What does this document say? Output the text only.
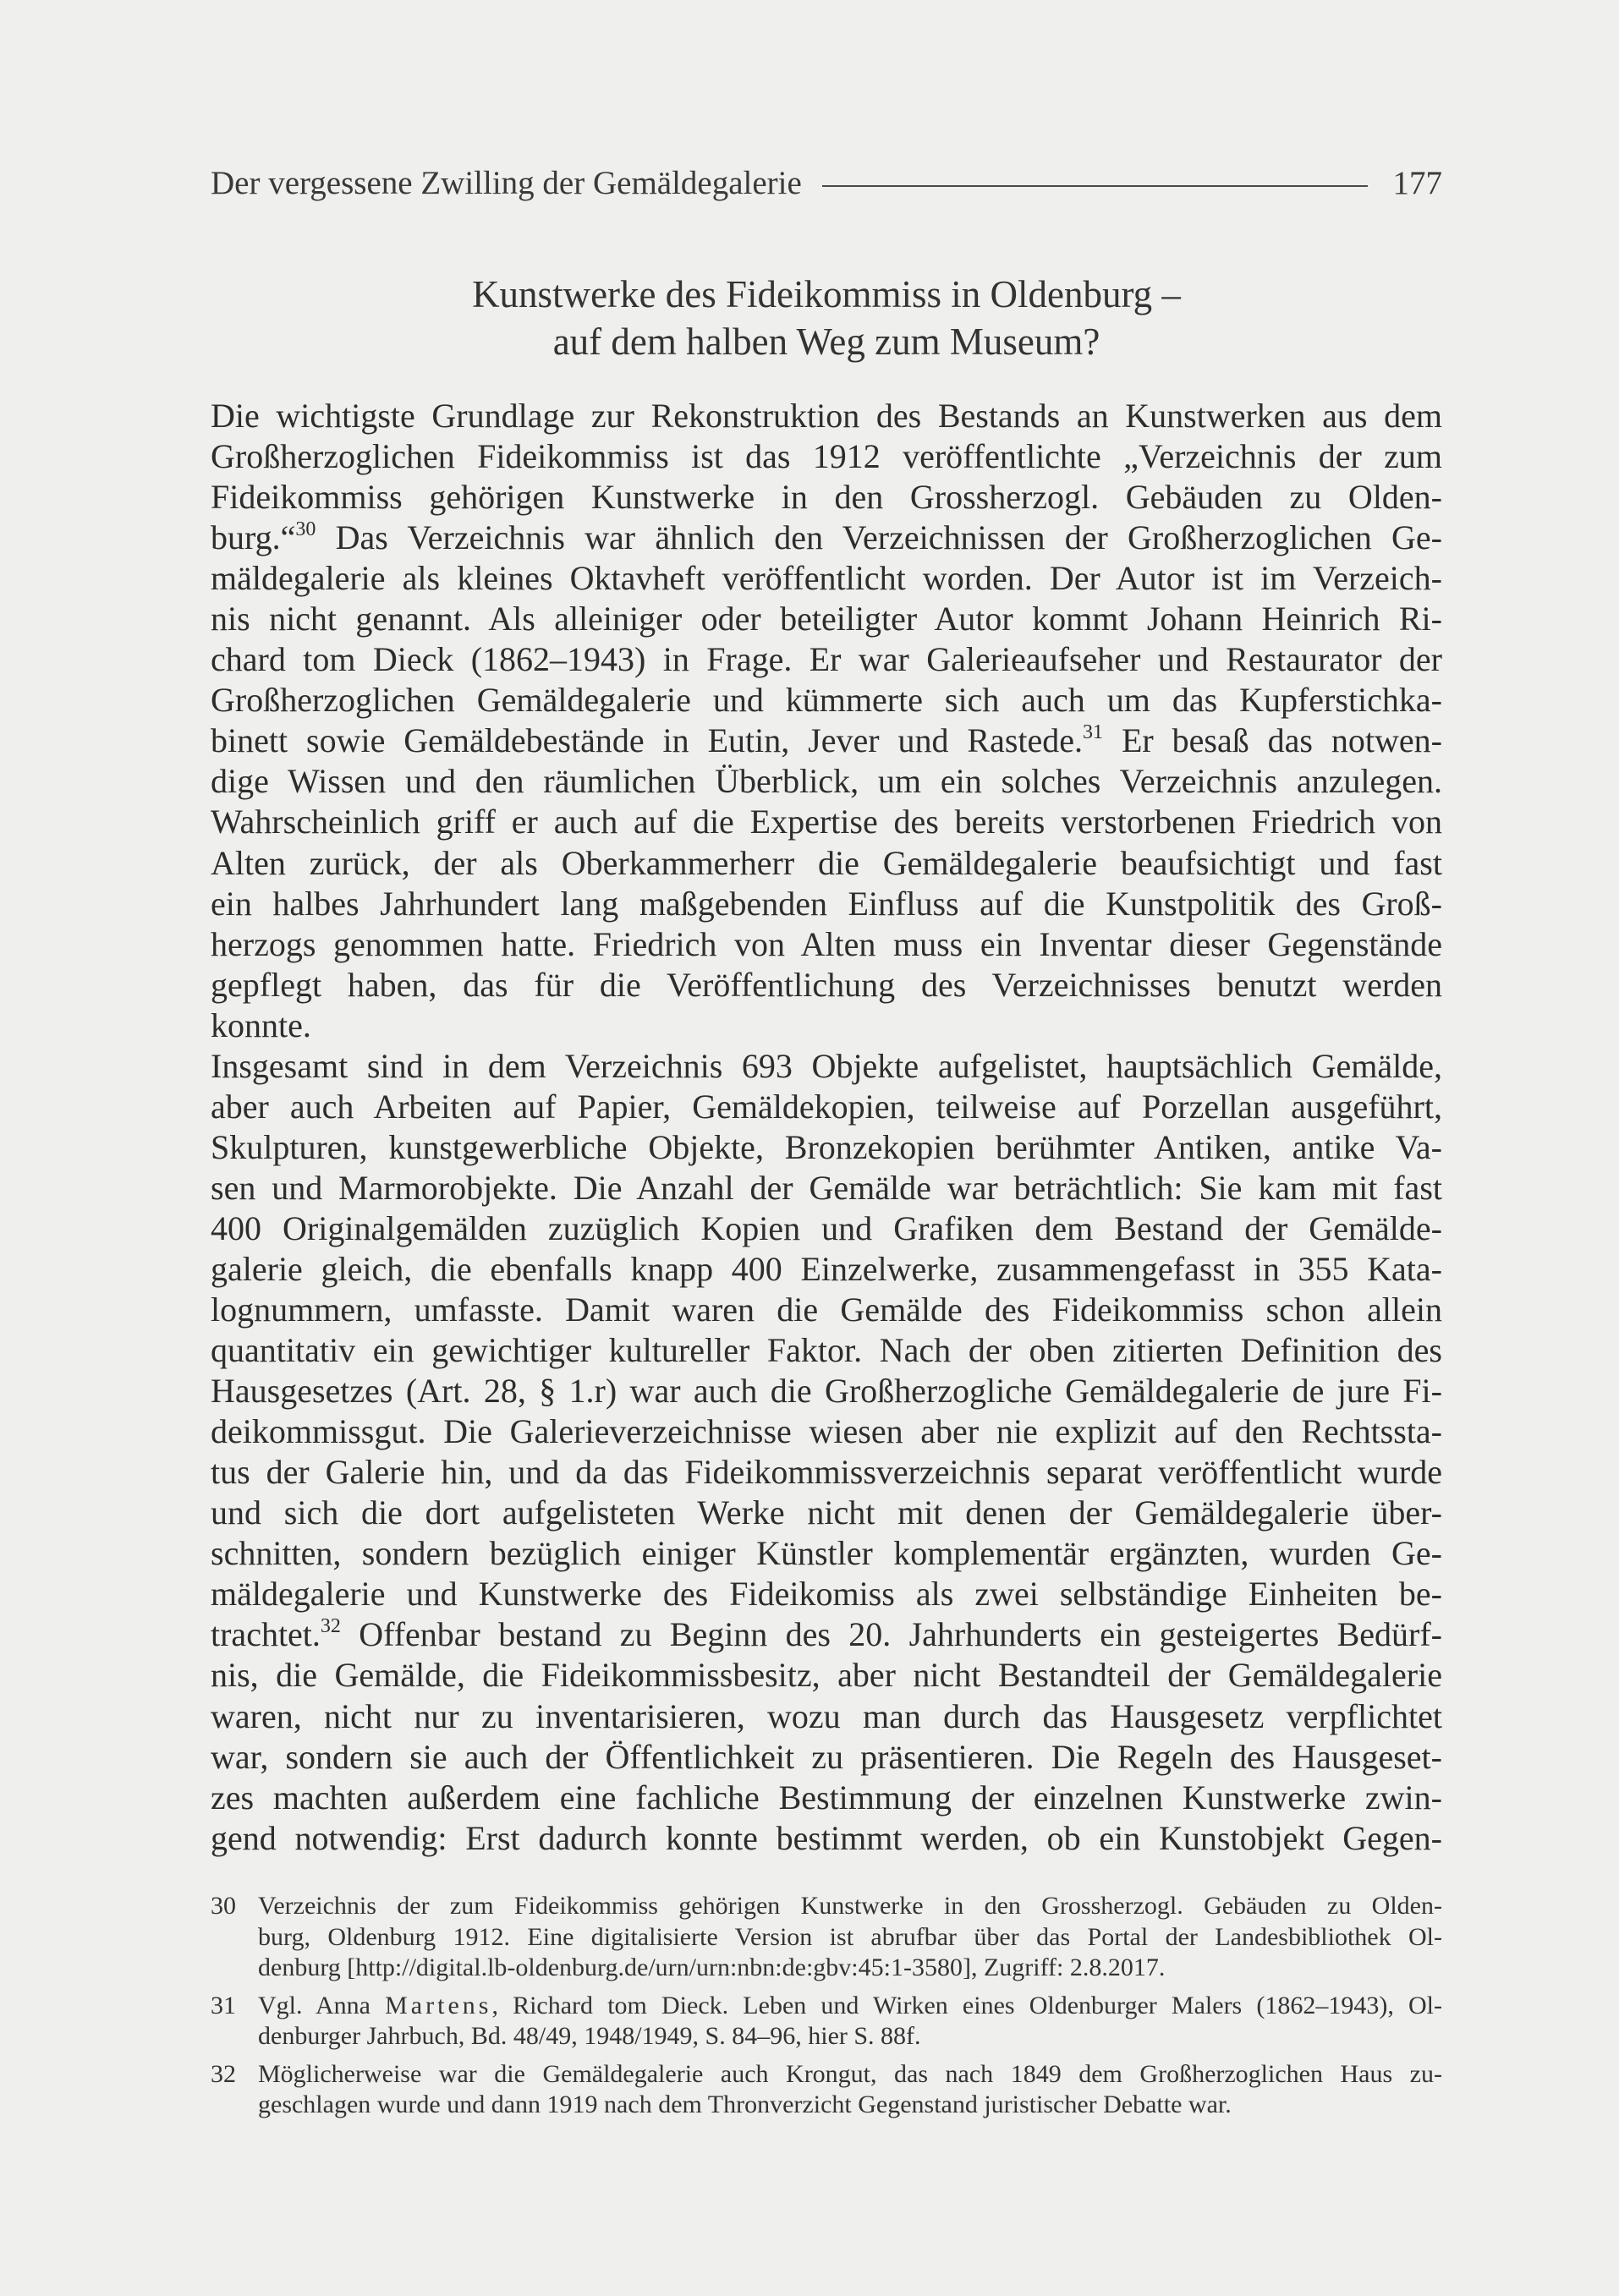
Der vergessene Zwilling der Gemäldegalerie	177
Kunstwerke des Fideikommiss in Oldenburg –
auf dem halben Weg zum Museum?
Die wichtigste Grundlage zur Rekonstruktion des Bestands an Kunstwerken aus dem
Großherzoglichen Fideikommiss ist das 1912 veröffentlichte „Verzeichnis der zum
Fideikommiss gehörigen Kunstwerke in den Grossherzogl. Gebäuden zu Olden-
burg.“$^{30}$ Das Verzeichnis war ähnlich den Verzeichnissen der Großherzoglichen Ge-
mäldegalerie als kleines Oktavheft veröffentlicht worden. Der Autor ist im Verzeich-
nis nicht genannt. Als alleiniger oder beteiligter Autor kommt Johann Heinrich Ri-
chard tom Dieck (1862–1943) in Frage. Er war Galerieaufseher und Restaurator der
Großherzoglichen Gemäldegalerie und kümmerte sich auch um das Kupferstichka-
binett sowie Gemäldebestände in Eutin, Jever und Rastede.$^{31}$ Er besaß das notwen-
dige Wissen und den räumlichen Überblick, um ein solches Verzeichnis anzulegen.
Wahrscheinlich griff er auch auf die Expertise des bereits verstorbenen Friedrich von
Alten zurück, der als Oberkammerherr die Gemäldegalerie beaufsichtigt und fast
ein halbes Jahrhundert lang maßgebenden Einfluss auf die Kunstpolitik des Groß-
herzogs genommen hatte. Friedrich von Alten muss ein Inventar dieser Gegenstände
gepflegt haben, das für die Veröffentlichung des Verzeichnisses benutzt werden
konnte.
Insgesamt sind in dem Verzeichnis 693 Objekte aufgelistet, hauptsächlich Gemälde,
aber auch Arbeiten auf Papier, Gemäldekopien, teilweise auf Porzellan ausgeführt,
Skulpturen, kunstgewerbliche Objekte, Bronzekopien berühmter Antiken, antike Va-
sen und Marmorobjekte. Die Anzahl der Gemälde war beträchtlich: Sie kam mit fast
400 Originalgemälden zuzüglich Kopien und Grafiken dem Bestand der Gemälde-
galerie gleich, die ebenfalls knapp 400 Einzelwerke, zusammengefasst in 355 Kata-
lognummern, umfasste. Damit waren die Gemälde des Fideikommiss schon allein
quantitativ ein gewichtiger kultureller Faktor. Nach der oben zitierten Definition des
Hausgesetzes (Art. 28, § 1.r) war auch die Großherzogliche Gemäldegalerie de jure Fi-
deikommissgut. Die Galerieverzeichnisse wiesen aber nie explizit auf den Rechtssta-
tus der Galerie hin, und da das Fideikommissverzeichnis separat veröffentlicht wurde
und sich die dort aufgelisteten Werke nicht mit denen der Gemäldegalerie über-
schnitten, sondern bezüglich einiger Künstler komplementär ergänzten, wurden Ge-
mäldegalerie und Kunstwerke des Fideikomiss als zwei selbständige Einheiten be-
trachtet.$^{32}$ Offenbar bestand zu Beginn des 20. Jahrhunderts ein gesteigertes Bedürf-
nis, die Gemälde, die Fideikommissbesitz, aber nicht Bestandteil der Gemäldegalerie
waren, nicht nur zu inventarisieren, wozu man durch das Hausgesetz verpflichtet
war, sondern sie auch der Öffentlichkeit zu präsentieren. Die Regeln des Hausgeset-
zes machten außerdem eine fachliche Bestimmung der einzelnen Kunstwerke zwin-
gend notwendig: Erst dadurch konnte bestimmt werden, ob ein Kunstobjekt Gegen-
30 Verzeichnis der zum Fideikommiss gehörigen Kunstwerke in den Grossherzogl. Gebäuden zu Olden-
burg, Oldenburg 1912. Eine digitalisierte Version ist abrufbar über das Portal der Landesbibliothek Ol-
denburg [http://digital.lb-oldenburg.de/urn/urn:nbn:de:gbv:45:1-3580], Zugriff: 2.8.2017.
31 Vgl. Anna Martens, Richard tom Dieck. Leben und Wirken eines Oldenburger Malers (1862–1943), Ol-
denburger Jahrbuch, Bd. 48/49, 1948/1949, S. 84–96, hier S. 88f.
32 Möglicherweise war die Gemäldegalerie auch Krongut, das nach 1849 dem Großherzoglichen Haus zu-
geschlagen wurde und dann 1919 nach dem Thronverzicht Gegenstand juristischer Debatte war.
